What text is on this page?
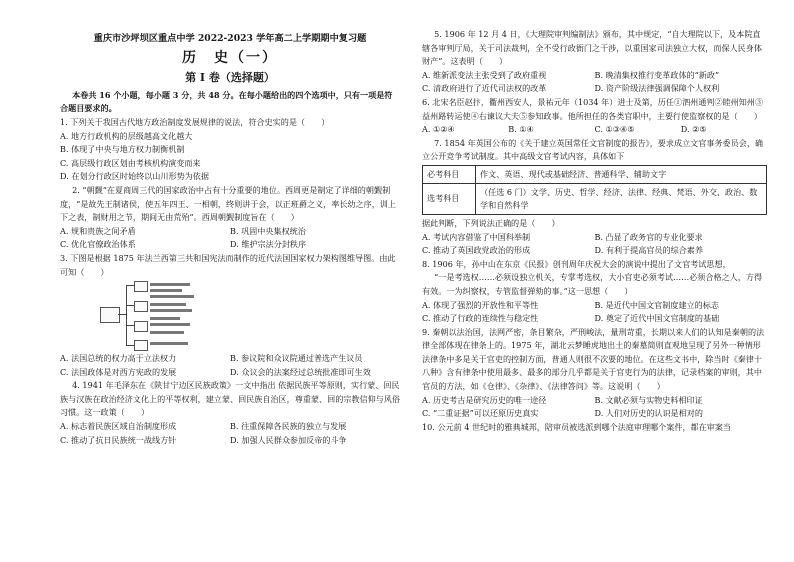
重庆市沙坪坝区重点中学 2022-2023 学年高二上学期期中复习题

历　史（一）

第 Ⅰ 卷（选择题）

本卷共 16 个小题，每小题 3 分，共 48 分。在每小题给出的四个选项中，只有一项是符合题目要求的。

1. 下列关于我国古代地方政治制度发展规律的说法，符合史实的是（　　）

A. 地方行政机构的层级越高文化越大

B. 体现了中央与地方权力制衡机制

C. 高层级行政区划由考核机构演变而来

D. 在划分行政区时始终以山川形势为依据

2. “朝觐”在夏商周三代的国家政治中占有十分重要的地位。西周更是制定了详细的朝觐制度，“是故先王制诸侯，使五年四王、一相朝，终则讲于会，以正班爵之义，率长幼之序，训上下之表，制财用之节，期间无由荒殆”。西周朝觐制度旨在（　　）

A. 规和贵族之间矛盾	B. 巩固中央集权统治
C. 优化官僚政治体系	D. 维护宗法分封秩序

3. 下图是根据 1875 年法兰西第三共和国宪法而制作的近代法国国家权力架构图维导图。由此可知（　　）

A. 法国总统的权力高于立法权力	B. 参议院和众议院通过普选产生议员
C. 法国政体是对西方宪政的发展	D. 众议会的法案经过总统批准即可生效

4. 1941 年毛泽东在《陕甘宁边区民族政策》一文中指出 依据民族平等原则，实行蒙、回民族与汉族在政治经济文化上的平等权利，建立蒙、回民族自治区，尊重蒙、回的宗教信仰与风俗习惯。这一政策（　　）

A. 标志着民族区域自治制度形成	B. 往重保障各民族的独立与发展
C. 推动了抗日民族统一战线方针	D. 加强人民群众参加反帝的斗争

5. 1906 年 12 月 4 日，《大理院审判编制法》颁布，其中规定，“自大理院以下，及本院直辖各审判厅局，关于司法裁判，全不受行政衙门之干涉，以重国家司法独立大权，而保人民身体财产”。这表明（　　）

A. 维新派变法主张受到了政府重视	B. 晚清集权推行变革政体的“新政”
C. 清政府进行了近代司法权的改革	D. 资产阶级法律强调保障个人权利

6. 北宋名臣赵抃，衢州西安人，景祐元年（1034 年）进士及第，历任①泗州通判②睦州知州③益州路转运使④右谏议大夫⑤参知政事。他所担任的各类官职中，主要行使监察权的是（　　）

A. ①②④	B. ①④	C. ①③④⑤	D. ②⑤

7. 1854 年英国公布的《关于建立英国常任文官制度的报告》，要求成立文官事务委员会，确立公开竞争考试制度。其中高级文官考试内容，具体如下

必考科目	作文、英语、现代或基础经济、普通科学、辅助文字
选考科目	（任选 6 门）文学、历史、哲学、经济、法律、经典、梵语、外交、政治、数学和自然科学

据此判断，下列说法正确的是（　　）

A. 考试内容借鉴了中国科举制	B. 凸显了政务官的专业化要求
C. 推动了英国政党政治的形成	D. 有利于提高官员的综合素养

8. 1906 年，孙中山在东京《民报》创刊周年庆祝大会的演说中提出了文官考试思想，

“一是考选权……必须设独立机关，专掌考选权，大小官吏必须考试……必须合格之人，方得有效。一为纠察权，专管监督弹劾的事。”这一思想（　　）

A. 体现了强烈的开放性和平等性	B. 是近代中国文官制度建立的标志
C. 推动了行政的连续性与稳定性	D. 奠定了近代中国文官制度的基础

9. 秦朝以法治国，法网严密，条目繁杂，严刑峻法，量刑苛重，长期以来人们的认知是秦朝的法律全部体现在律条上的。1975 年，湖北云梦睡虎地出土的秦墓简则直观地呈现了另外一种情形 法律条中多是关于官吏的控制方面，普通人则很不次要的地位。在这些文书中，除当时《秦律十八种》含有律条中使用最多、最多的部分几乎都是关于官吏行为的法律，记录档案的审则，其中官员的方法，如《仓律》、《杂律》、《法律答问》等。这说明（　　）

A. 历史考古是研究历史的唯一途径	B. 文献必须与实物史料相印证
C. “二重证据”可以还原历史真实	D. 人们对历史的认识是相对的

10. 公元前 4 世纪时的雅典城邦，陪审员被选派到哪个法庭审理哪个案件，都在审案当
